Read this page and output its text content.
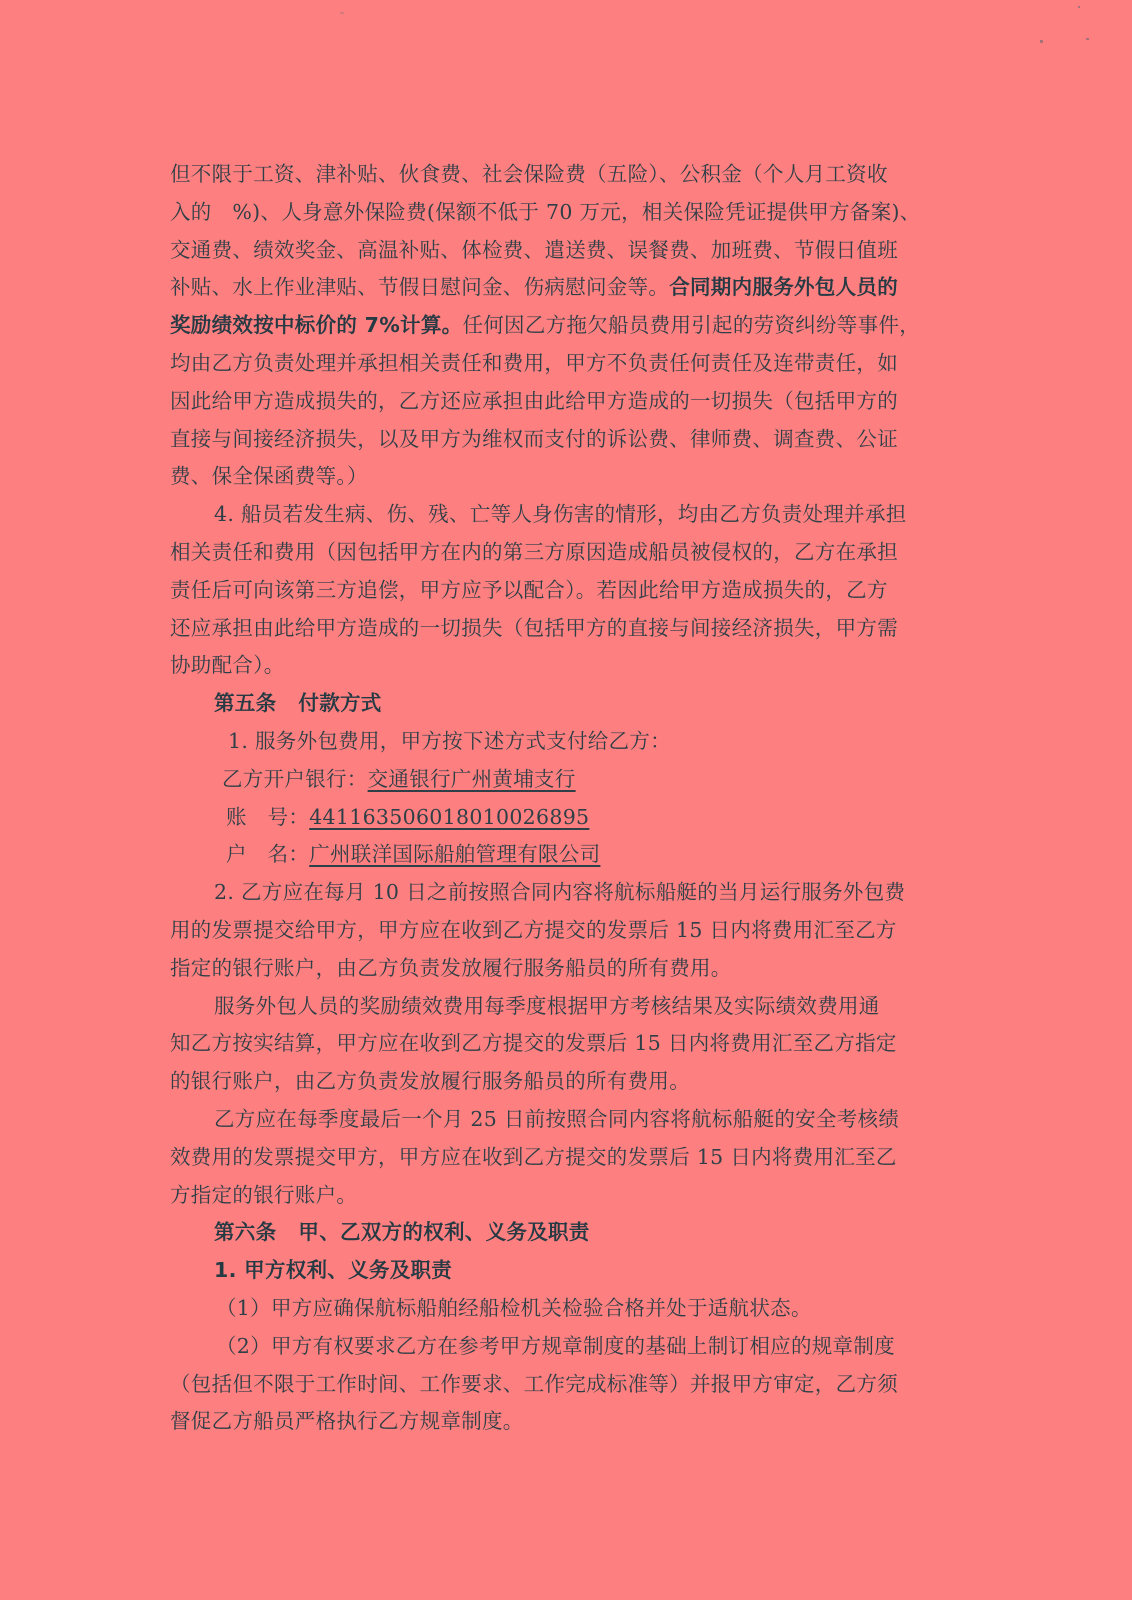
但不限于工资、津补贴、伙食费、社会保险费（五险）、公积金（个人月工资收
入的　%)、人身意外保险费(保额不低于 70 万元，相关保险凭证提供甲方备案)、
交通费、绩效奖金、高温补贴、体检费、遣送费、误餐费、加班费、节假日值班
补贴、水上作业津贴、节假日慰问金、伤病慰问金等。合同期内服务外包人员的
奖励绩效按中标价的 7%计算。任何因乙方拖欠船员费用引起的劳资纠纷等事件，
均由乙方负责处理并承担相关责任和费用，甲方不负责任何责任及连带责任，如
因此给甲方造成损失的，乙方还应承担由此给甲方造成的一切损失（包括甲方的
直接与间接经济损失，以及甲方为维权而支付的诉讼费、律师费、调查费、公证
费、保全保函费等。）
4. 船员若发生病、伤、残、亡等人身伤害的情形，均由乙方负责处理并承担
相关责任和费用（因包括甲方在内的第三方原因造成船员被侵权的，乙方在承担
责任后可向该第三方追偿，甲方应予以配合）。若因此给甲方造成损失的，乙方
还应承担由此给甲方造成的一切损失（包括甲方的直接与间接经济损失，甲方需
协助配合）。
第五条 付款方式
1. 服务外包费用，甲方按下述方式支付给乙方：
乙方开户银行：交通银行广州黄埔支行
账　号：441163506018010026895
户　名：广州联洋国际船舶管理有限公司
2. 乙方应在每月 10 日之前按照合同内容将航标船艇的当月运行服务外包费
用的发票提交给甲方，甲方应在收到乙方提交的发票后 15 日内将费用汇至乙方
指定的银行账户，由乙方负责发放履行服务船员的所有费用。
服务外包人员的奖励绩效费用每季度根据甲方考核结果及实际绩效费用通
知乙方按实结算，甲方应在收到乙方提交的发票后 15 日内将费用汇至乙方指定
的银行账户，由乙方负责发放履行服务船员的所有费用。
乙方应在每季度最后一个月 25 日前按照合同内容将航标船艇的安全考核绩
效费用的发票提交甲方，甲方应在收到乙方提交的发票后 15 日内将费用汇至乙
方指定的银行账户。
第六条 甲、乙双方的权利、义务及职责
1. 甲方权利、义务及职责
（1）甲方应确保航标船舶经船检机关检验合格并处于适航状态。
（2）甲方有权要求乙方在参考甲方规章制度的基础上制订相应的规章制度
（包括但不限于工作时间、工作要求、工作完成标准等）并报甲方审定，乙方须
督促乙方船员严格执行乙方规章制度。
